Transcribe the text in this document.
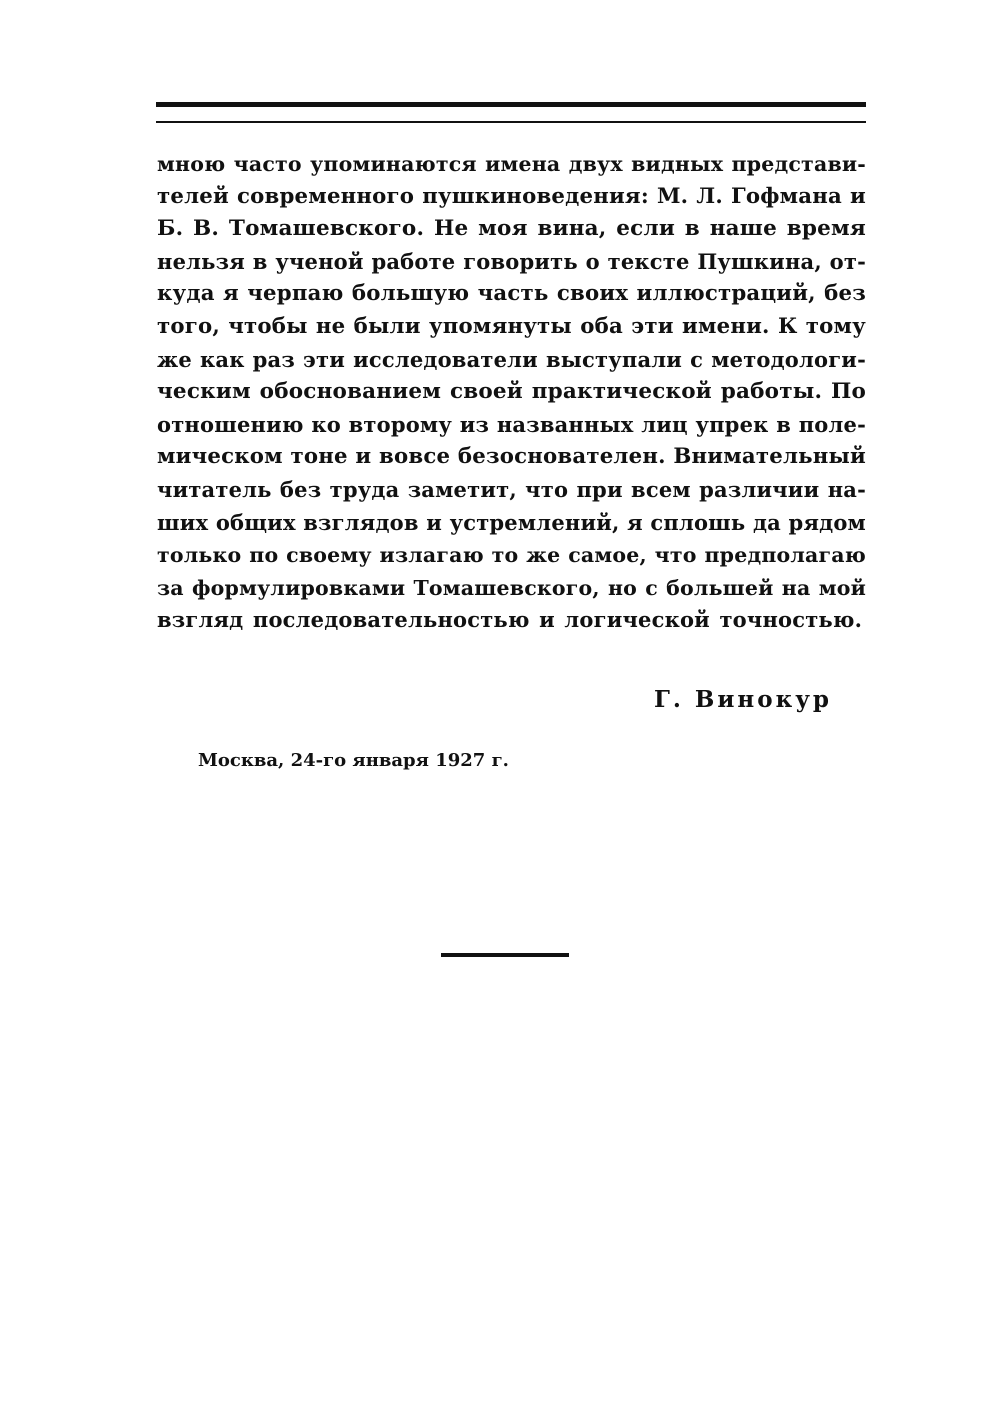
мною часто упоминаются имена двух видных представи-
телей современного пушкиноведения: М. Л. Гофмана и
Б. В. Томашевского. Не моя вина, если в наше время
нельзя в ученой работе говорить о тексте Пушкина, от-
куда я черпаю большую часть своих иллюстраций, без
того, чтобы не были упомянуты оба эти имени. К тому
же как раз эти исследователи выступали с методологи-
ческим обоснованием своей практической работы. По
отношению ко второму из названных лиц упрек в поле-
мическом тоне и вовсе безоснователен. Внимательный
читатель без труда заметит, что при всем различии на-
ших общих взглядов и устремлений, я сплошь да рядом
только по своему излагаю то же самое, что предполагаю
за формулировками Томашевского, но с большей на мой
взгляд последовательностью и логической точностью.

Г. Винокур
Москва, 24-го января 1927 г.
